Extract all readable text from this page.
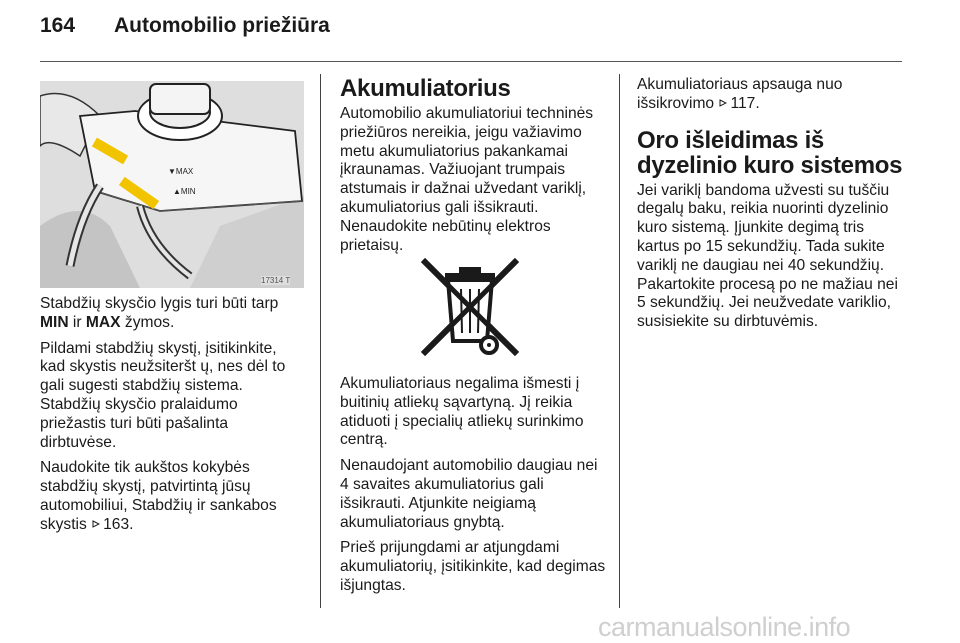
164 Automobilio priežiūra
▼MAX
▲MIN
17314 T

Stabdžių skysčio lygis turi būti tarp MIN ir MAX žymos.

Pildami stabdžių skystį, įsitikinkite, kad skystis neužsiteršt ų, nes dėl to gali sugesti stabdžių sistema. Stabdžių skysčio pralaidumo priežastis turi būti pašalinta dirbtuvėse.

Naudokite tik aukštos kokybės stabdžių skystį, patvirtintą jūsų automobiliui, Stabdžių ir sankabos skystis 163.

Akumuliatorius

Automobilio akumuliatoriui techninės priežiūros nereikia, jeigu važiavimo metu akumuliatorius pakankamai įkraunamas. Važiuojant trumpais atstumais ir dažnai užvedant variklį, akumuliatorius gali išsikrauti. Nenaudokite nebūtinų elektros prietaisų.

Akumuliatoriaus negalima išmesti į buitinių atliekų sąvartyną. Jį reikia atiduoti į specialių atliekų surinkimo centrą.

Nenaudojant automobilio daugiau nei 4 savaites akumuliatorius gali išsikrauti. Atjunkite neigiamą akumuliatoriaus gnybtą.

Prieš prijungdami ar atjungdami akumuliatorių, įsitikinkite, kad degimas išjungtas.

Akumuliatoriaus apsauga nuo išsikrovimo 117.

Oro išleidimas iš dyzelinio kuro sistemos

Jei variklį bandoma užvesti su tuščiu degalų baku, reikia nuorinti dyzelinio kuro sistemą. Įjunkite degimą tris kartus po 15 sekundžių. Tada sukite variklį ne daugiau nei 40 sekundžių. Pakartokite procesą po ne mažiau nei 5 sekundžių. Jei neužvedate variklio, susisiekite su dirbtuvėmis.

carmanualsonline.info
